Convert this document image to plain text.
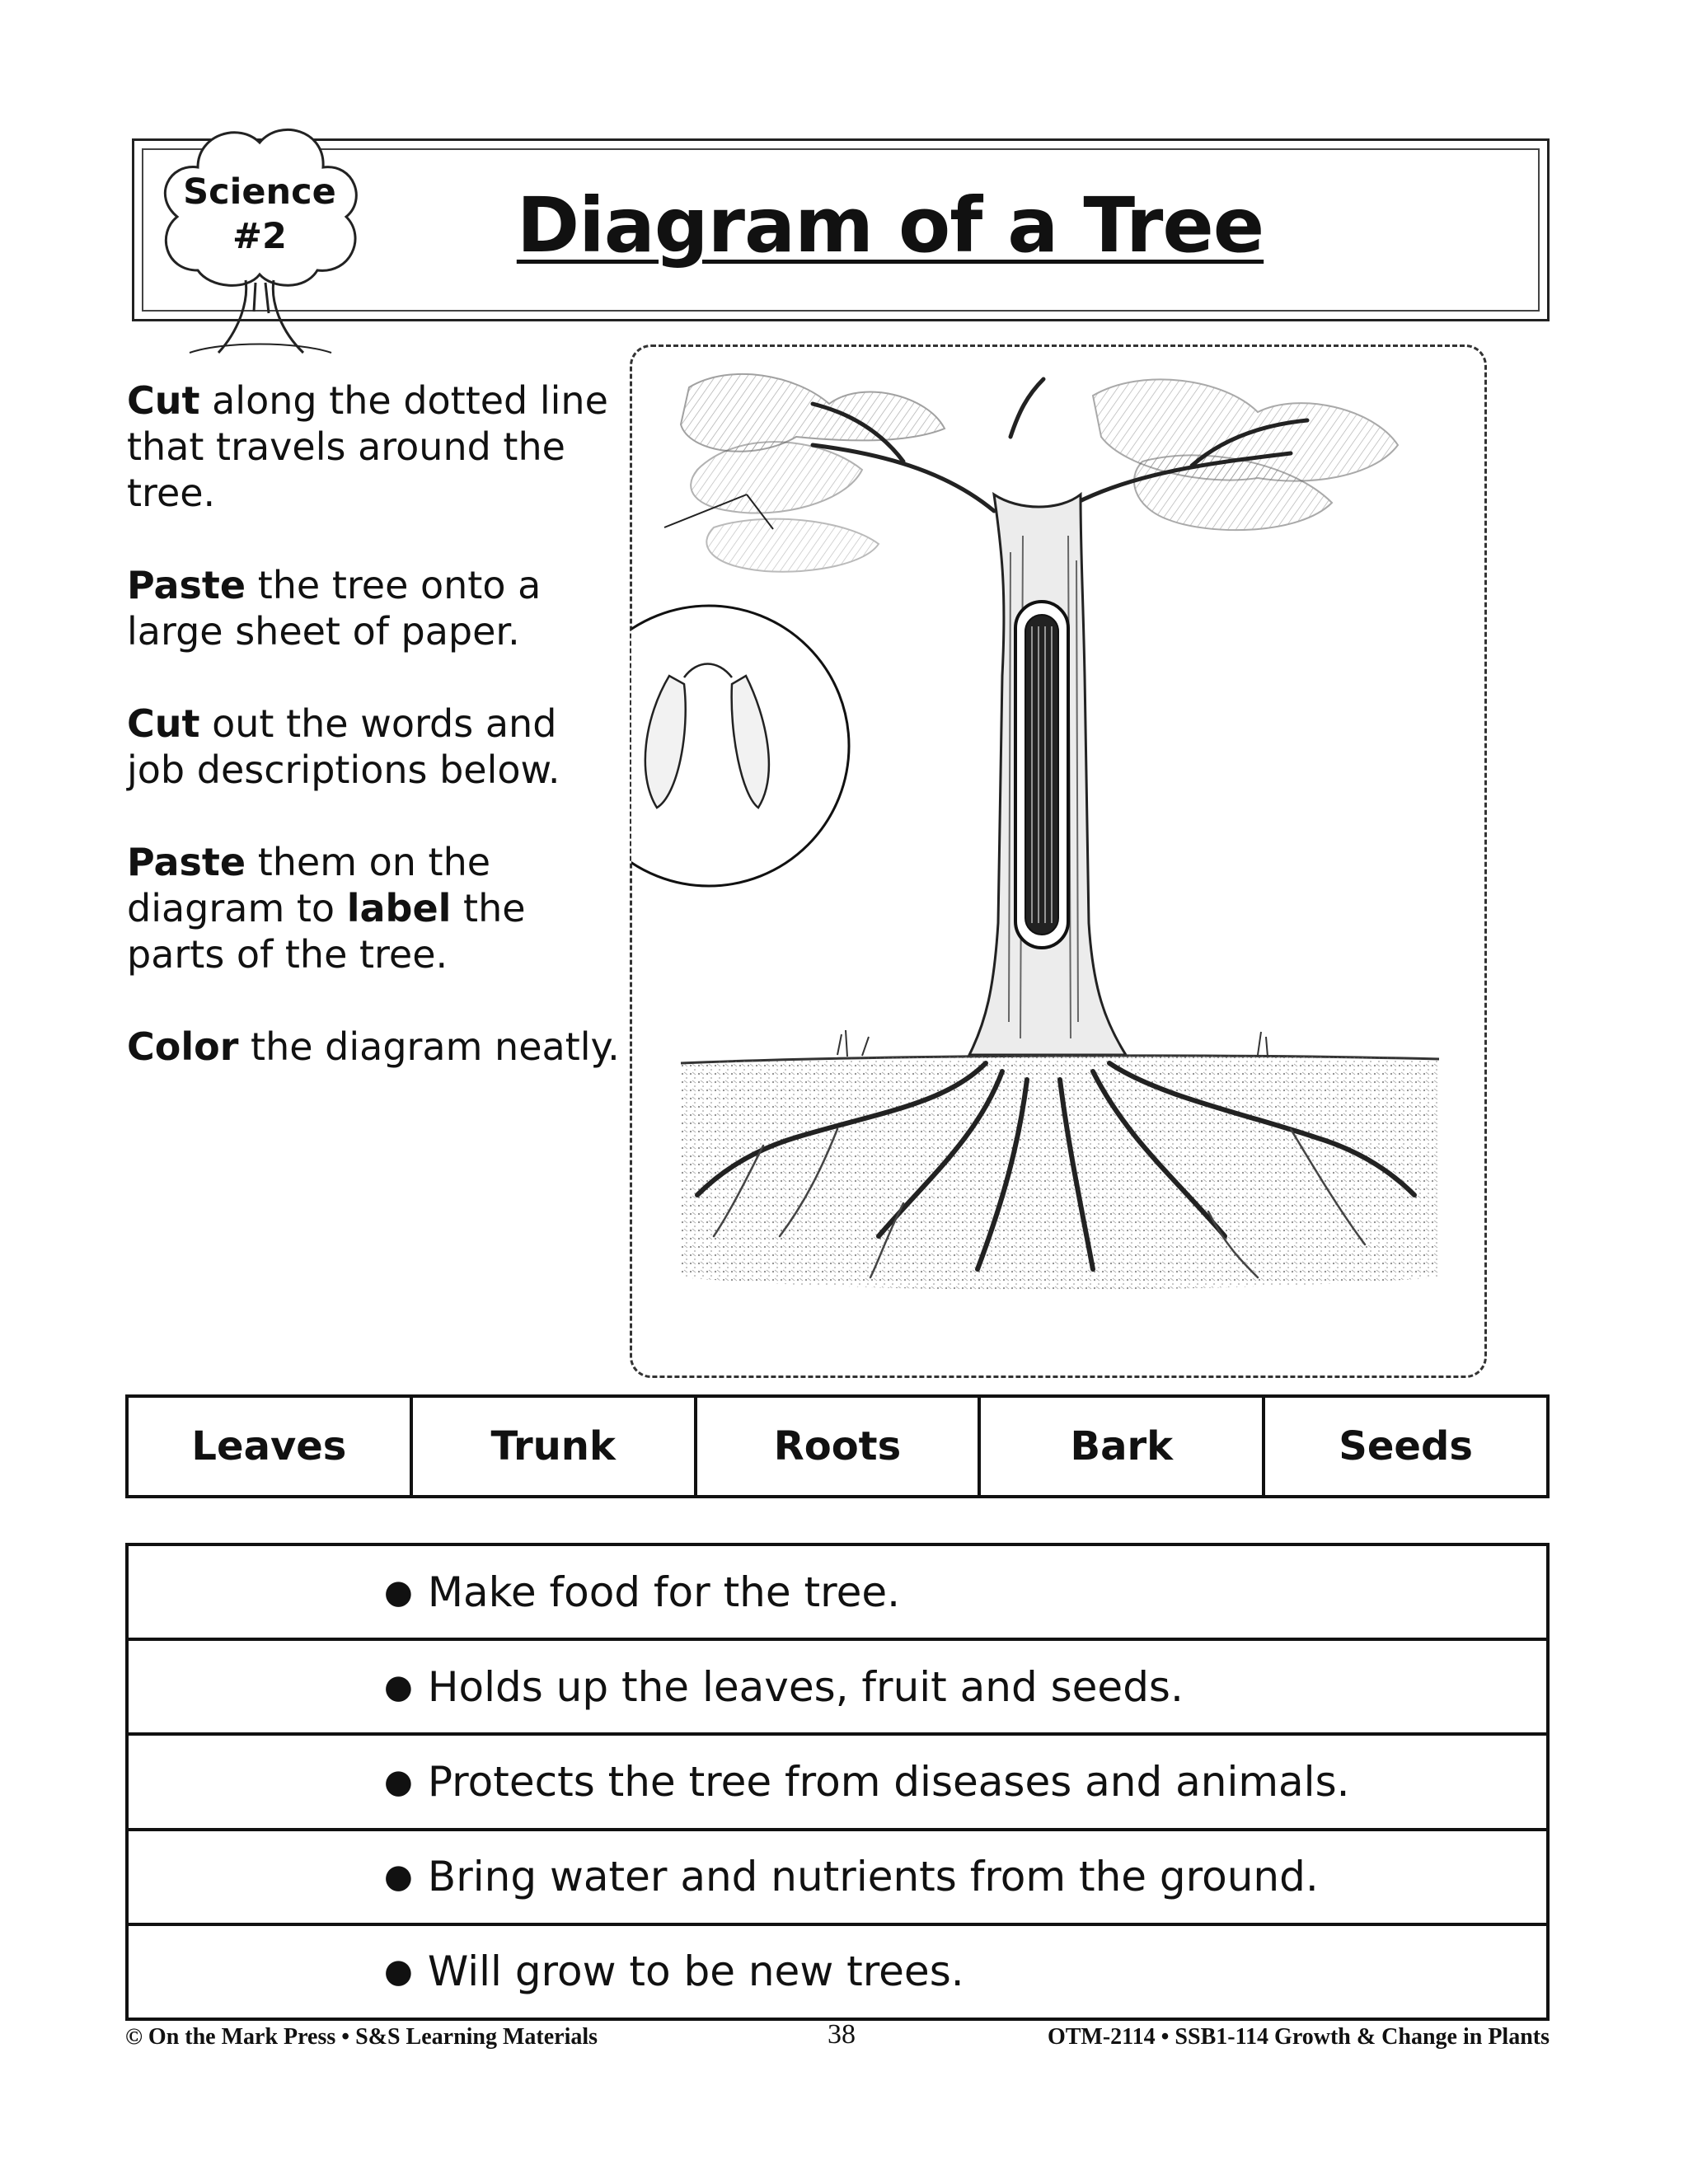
Science
#2	Diagram of a Tree

Cut along the dotted line that travels around the tree.

Paste the tree onto a large sheet of paper.

Cut out the words and job descriptions below.

Paste them on the diagram to label the parts of the tree.

Color the diagram neatly.

Leaves	Trunk	Roots	Bark	Seeds
● Make food for the tree.
● Holds up the leaves, fruit and seeds.
● Protects the tree from diseases and animals.
● Bring water and nutrients from the ground.
● Will grow to be new trees.
© On the Mark Press • S&S Learning Materials	38	OTM-2114 • SSB1-114 Growth & Change in Plants
